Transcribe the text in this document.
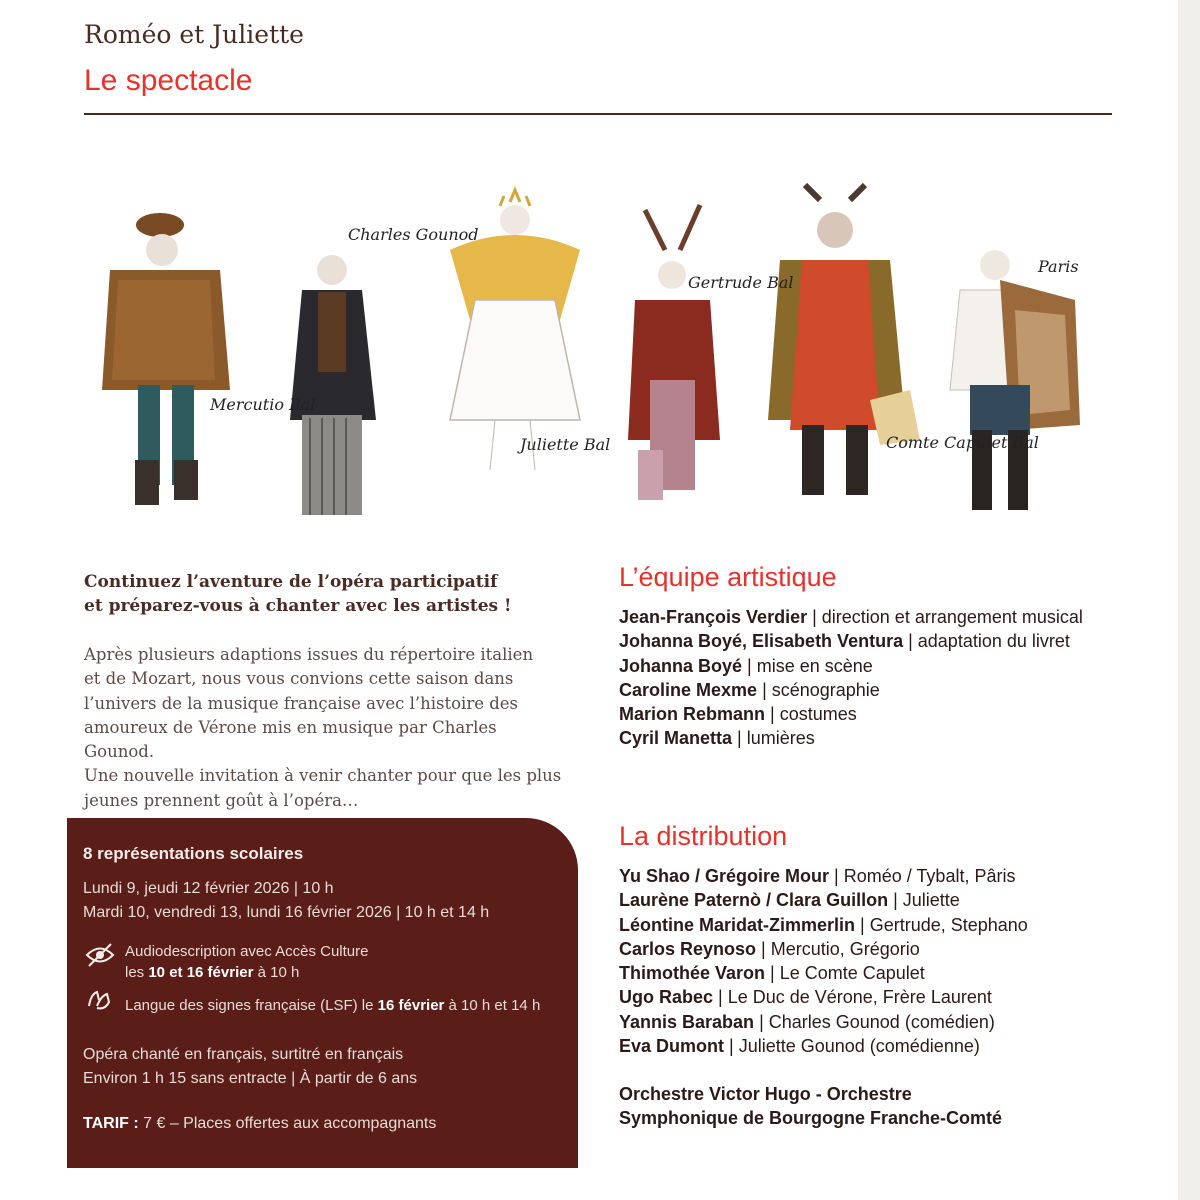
Roméo et Juliette
Le spectacle
Mercutio Bal
Charles Gounod
Juliette Bal
Gertrude Bal
Comte Capulet Bal
Paris
Continuez l’aventure de l’opéra participatif
et préparez-vous à chanter avec les artistes !
Après plusieurs adaptions issues du répertoire italien
et de Mozart, nous vous convions cette saison dans
l’univers de la musique française avec l’histoire des
amoureux de Vérone mis en musique par Charles Gounod.
Une nouvelle invitation à venir chanter pour que les plus
jeunes prennent goût à l’opéra…
8 représentations scolaires
Lundi 9, jeudi 12 février 2026 | 10 h
Mardi 10, vendredi 13, lundi 16 février 2026 | 10 h et 14 h
Audiodescription avec Accès Culture
les 10 et 16 février à 10 h
Langue des signes française (LSF) le 16 février à 10 h et 14 h
Opéra chanté en français, surtitré en français
Environ 1 h 15 sans entracte | À partir de 6 ans
TARIF : 7 € – Places offertes aux accompagnants
L’équipe artistique
Jean-François Verdier | direction et arrangement musical
Johanna Boyé, Elisabeth Ventura | adaptation du livret
Johanna Boyé | mise en scène
Caroline Mexme | scénographie
Marion Rebmann | costumes
Cyril Manetta | lumières
La distribution
Yu Shao / Grégoire Mour | Roméo / Tybalt, Pâris
Laurène Paternò / Clara Guillon | Juliette
Léontine Maridat-Zimmerlin | Gertrude, Stephano
Carlos Reynoso | Mercutio, Grégorio
Thimothée Varon | Le Comte Capulet
Ugo Rabec | Le Duc de Vérone, Frère Laurent
Yannis Baraban | Charles Gounod (comédien)
Eva Dumont | Juliette Gounod (comédienne)
Orchestre Victor Hugo - Orchestre
Symphonique de Bourgogne Franche-Comté
